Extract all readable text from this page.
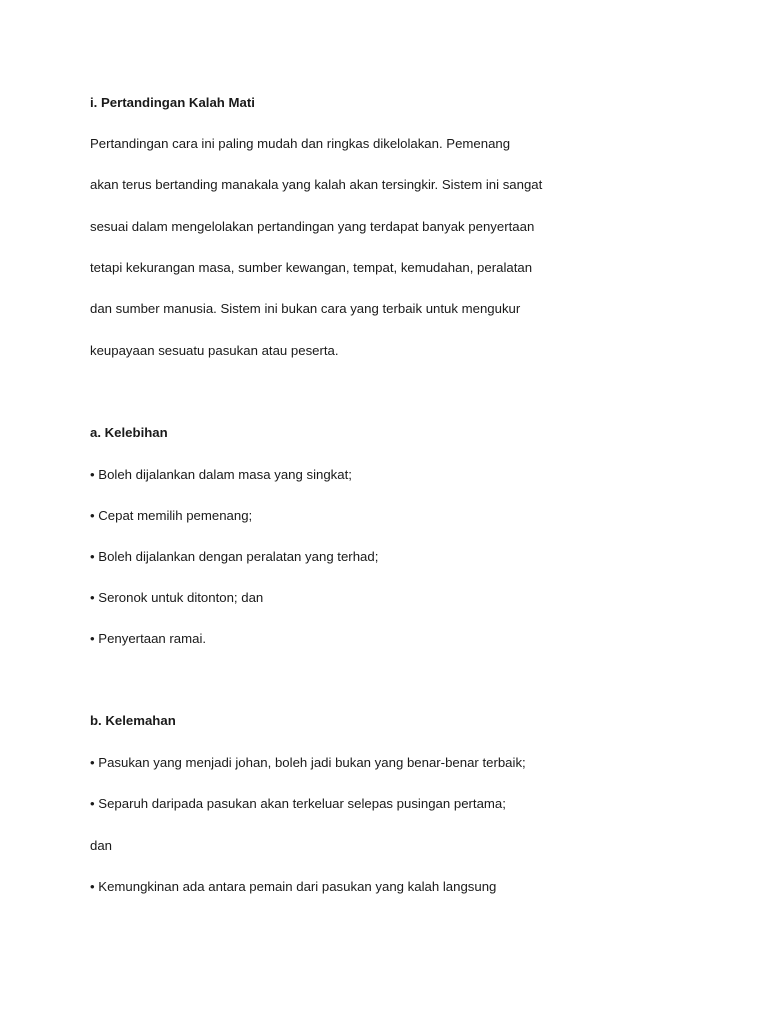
i. Pertandingan Kalah Mati
Pertandingan cara ini paling mudah dan ringkas dikelolakan. Pemenang
akan terus bertanding manakala yang kalah akan tersingkir. Sistem ini sangat
sesuai dalam mengelolakan pertandingan yang terdapat banyak penyertaan
tetapi kekurangan masa, sumber kewangan, tempat, kemudahan, peralatan
dan sumber manusia. Sistem ini bukan cara yang terbaik untuk mengukur
keupayaan sesuatu pasukan atau peserta.
a. Kelebihan
• Boleh dijalankan dalam masa yang singkat;
• Cepat memilih pemenang;
• Boleh dijalankan dengan peralatan yang terhad;
• Seronok untuk ditonton; dan
• Penyertaan ramai.
b. Kelemahan
• Pasukan yang menjadi johan, boleh jadi bukan yang benar-benar terbaik;
• Separuh daripada pasukan akan terkeluar selepas pusingan pertama;
dan
• Kemungkinan ada antara pemain dari pasukan yang kalah langsung
